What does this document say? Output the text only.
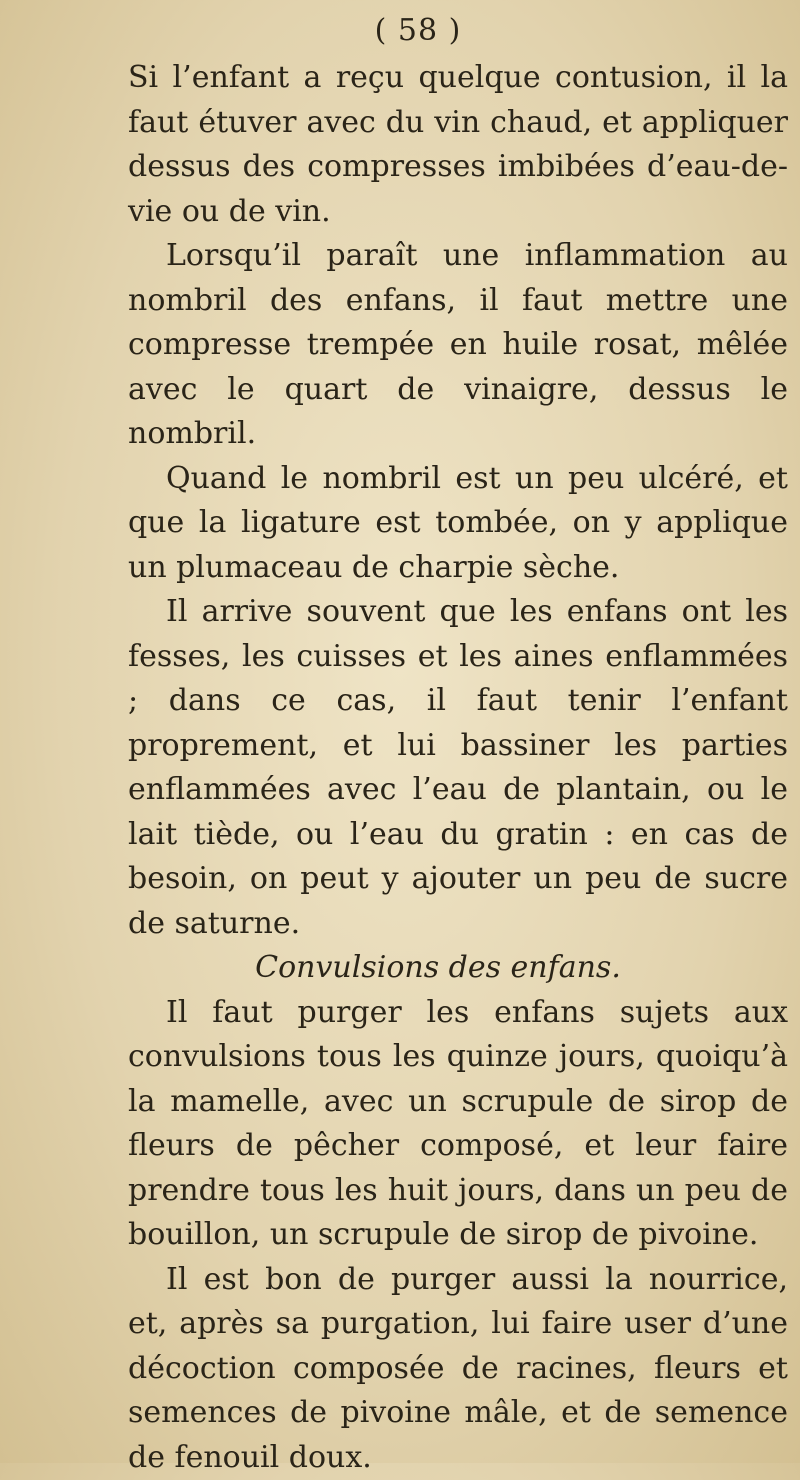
( 58 )

Si l’enfant a reçu quelque contusion, il la faut étuver avec du vin chaud, et appliquer dessus des compresses imbibées d’eau-de-vie ou de vin.

Lorsqu’il paraît une inflammation au nombril des enfans, il faut mettre une compresse trempée en huile rosat, mêlée avec le quart de vinaigre, dessus le nombril.

Quand le nombril est un peu ulcéré, et que la ligature est tombée, on y applique un plumaceau de charpie sèche.

Il arrive souvent que les enfans ont les fesses, les cuisses et les aines enflammées ; dans ce cas, il faut tenir l’enfant proprement, et lui bassiner les parties enflammées avec l’eau de plantain, ou le lait tiède, ou l’eau du gratin : en cas de besoin, on peut y ajouter un peu de sucre de saturne.

Convulsions des enfans.

Il faut purger les enfans sujets aux convulsions tous les quinze jours, quoiqu’à la mamelle, avec un scrupule de sirop de fleurs de pêcher composé, et leur faire prendre tous les huit jours, dans un peu de bouillon, un scrupule de sirop de pivoine.

Il est bon de purger aussi la nourrice, et, après sa purgation, lui faire user d’une décoction composée de racines, fleurs et semences de pivoine mâle, et de semence de fenouil doux.
